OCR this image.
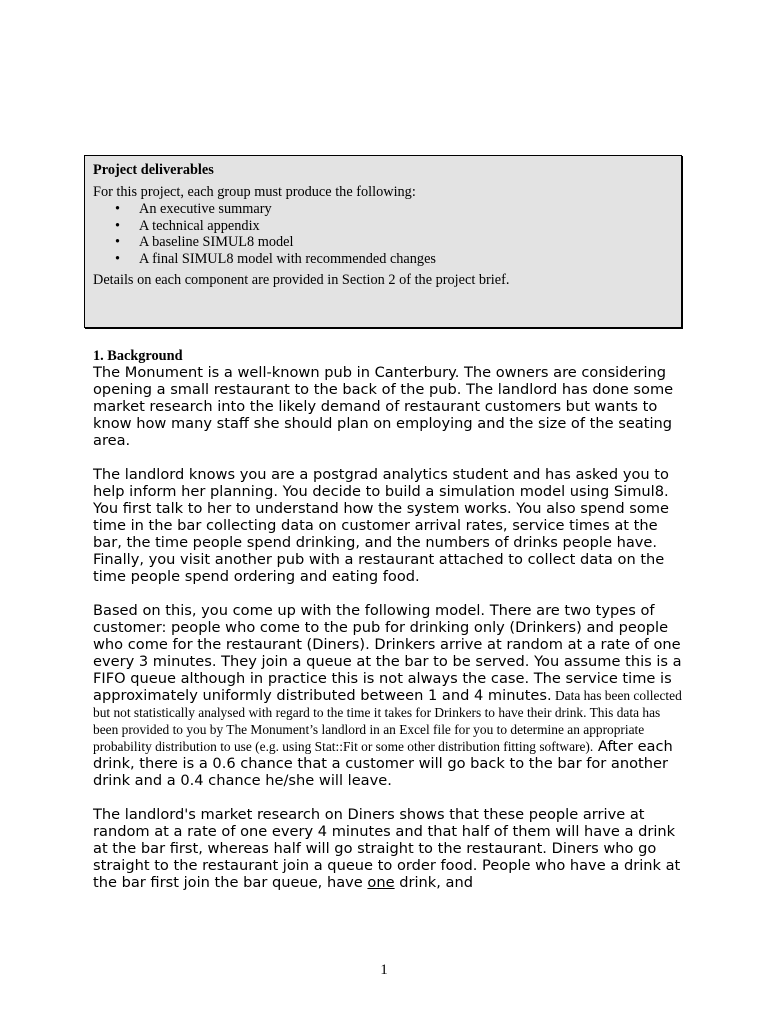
Project deliverables
For this project, each group must produce the following:
• An executive summary
• A technical appendix
• A baseline SIMUL8 model
• A final SIMUL8 model with recommended changes
Details on each component are provided in Section 2 of the project brief.
1. Background

The Monument is a well-known pub in Canterbury. The owners are considering opening a small restaurant to the back of the pub. The landlord has done some market research into the likely demand of restaurant customers but wants to know how many staff she should plan on employing and the size of the seating area.

The landlord knows you are a postgrad analytics student and has asked you to help inform her planning. You decide to build a simulation model using Simul8. You first talk to her to understand how the system works. You also spend some time in the bar collecting data on customer arrival rates, service times at the bar, the time people spend drinking, and the numbers of drinks people have. Finally, you visit another pub with a restaurant attached to collect data on the time people spend ordering and eating food.

Based on this, you come up with the following model. There are two types of customer: people who come to the pub for drinking only (Drinkers) and people who come for the restaurant (Diners). Drinkers arrive at random at a rate of one every 3 minutes. They join a queue at the bar to be served. You assume this is a FIFO queue although in practice this is not always the case. The service time is approximately uniformly distributed between 1 and 4 minutes. Data has been collected but not statistically analysed with regard to the time it takes for Drinkers to have their drink. This data has been provided to you by The Monument’s landlord in an Excel file for you to determine an appropriate probability distribution to use (e.g. using Stat::Fit or some other distribution fitting software). After each drink, there is a 0.6 chance that a customer will go back to the bar for another drink and a 0.4 chance he/she will leave.

The landlord's market research on Diners shows that these people arrive at random at a rate of one every 4 minutes and that half of them will have a drink at the bar first, whereas half will go straight to the restaurant. Diners who go straight to the restaurant join a queue to order food. People who have a drink at the bar first join the bar queue, have one drink, and

1
